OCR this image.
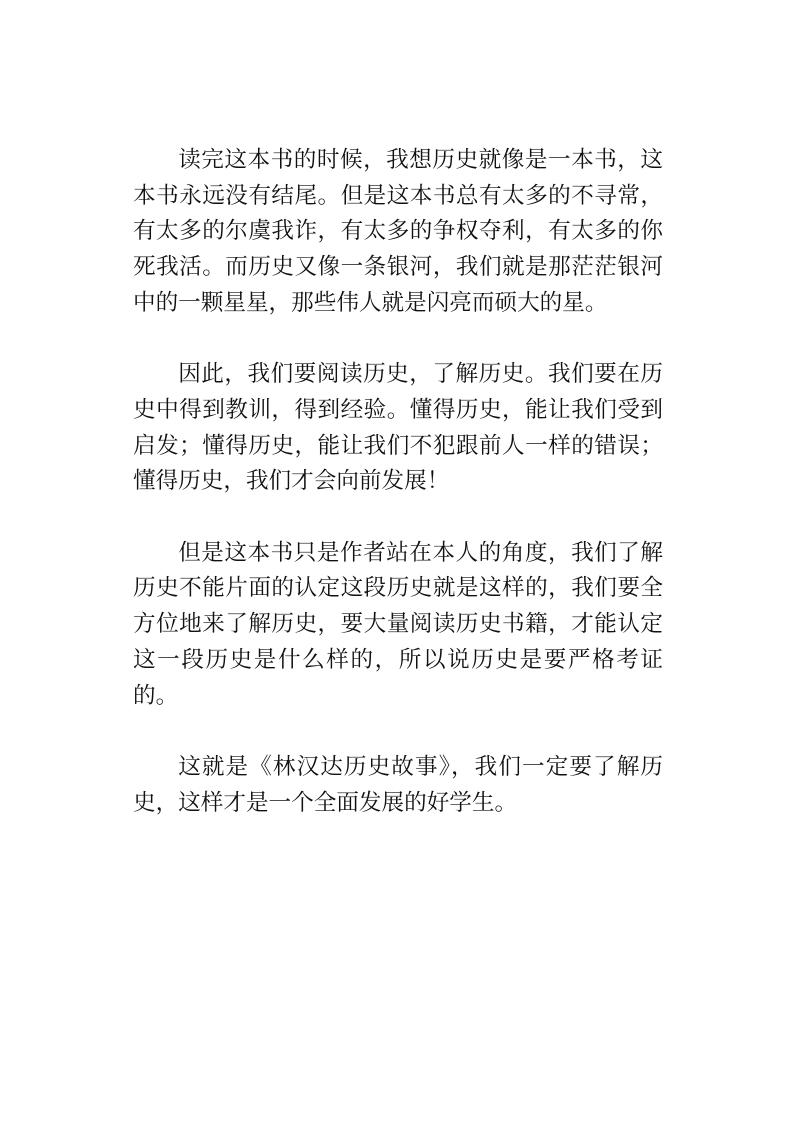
读完这本书的时候，我想历史就像是一本书，这本书永远没有结尾。但是这本书总有太多的不寻常，有太多的尔虞我诈，有太多的争权夺利，有太多的你死我活。而历史又像一条银河，我们就是那茫茫银河中的一颗星星，那些伟人就是闪亮而硕大的星。

因此，我们要阅读历史，了解历史。我们要在历史中得到教训，得到经验。懂得历史，能让我们受到启发；懂得历史，能让我们不犯跟前人一样的错误；懂得历史，我们才会向前发展！

但是这本书只是作者站在本人的角度，我们了解历史不能片面的认定这段历史就是这样的，我们要全方位地来了解历史，要大量阅读历史书籍，才能认定这一段历史是什么样的，所以说历史是要严格考证的。

这就是《林汉达历史故事》，我们一定要了解历史，这样才是一个全面发展的好学生。
